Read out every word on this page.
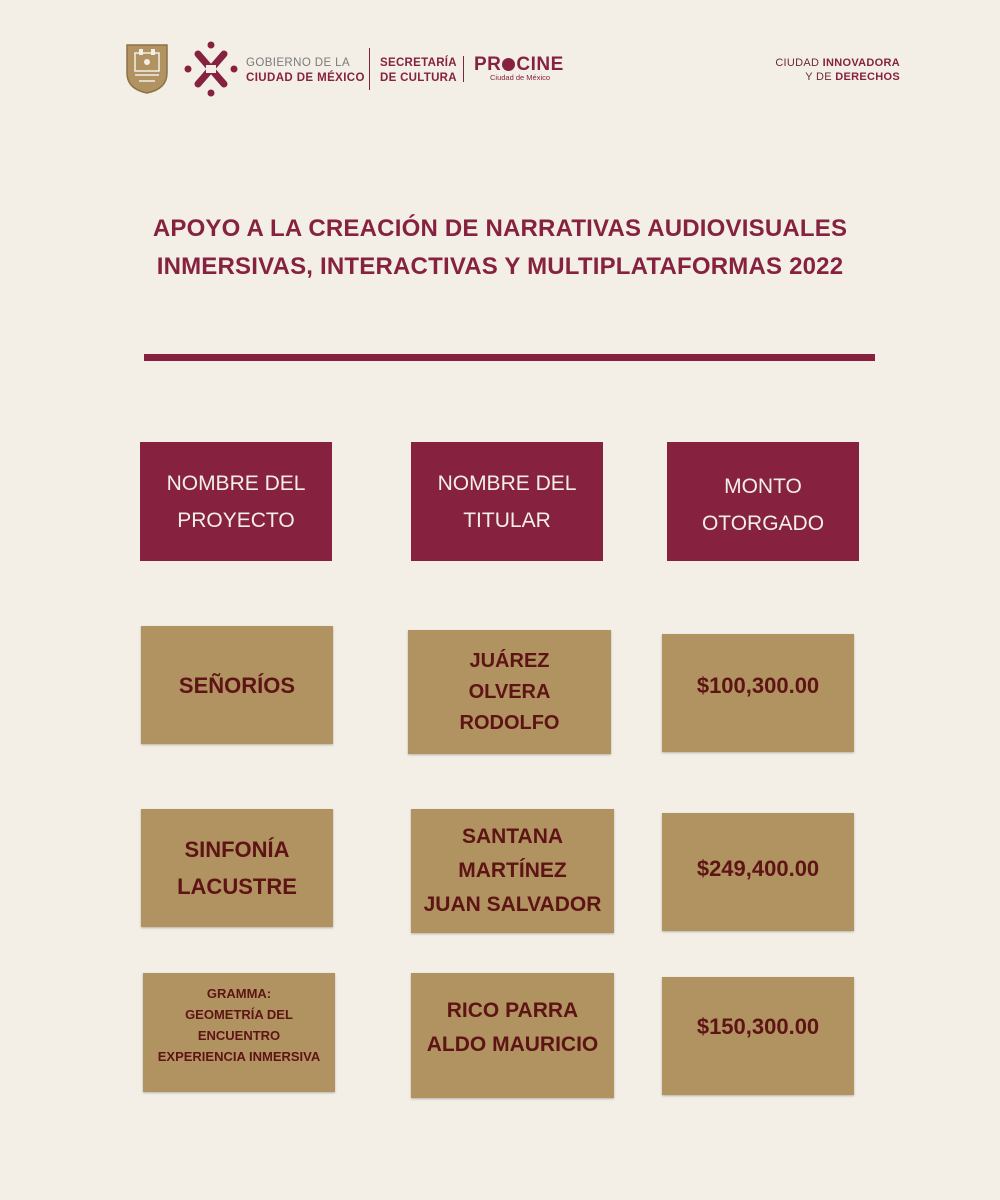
GOBIERNO DE LA
CIUDAD DE MÉXICO
SECRETARÍA
DE CULTURA
PR CINE
Ciudad de México
CIUDAD INNOVADORA
Y DE DERECHOS
APOYO A LA CREACIÓN DE NARRATIVAS AUDIOVISUALES
INMERSIVAS, INTERACTIVAS Y MULTIPLATAFORMAS 2022
NOMBRE DEL
PROYECTO
NOMBRE DEL
TITULAR
MONTO
OTORGADO
SEÑORÍOS
JUÁREZ
OLVERA
RODOLFO
$100,300.00
SINFONÍA
LACUSTRE
SANTANA
MARTÍNEZ
JUAN SALVADOR
$249,400.00
GRAMMA:
GEOMETRÍA DEL
ENCUENTRO
EXPERIENCIA INMERSIVA
RICO PARRA
ALDO MAURICIO
$150,300.00
